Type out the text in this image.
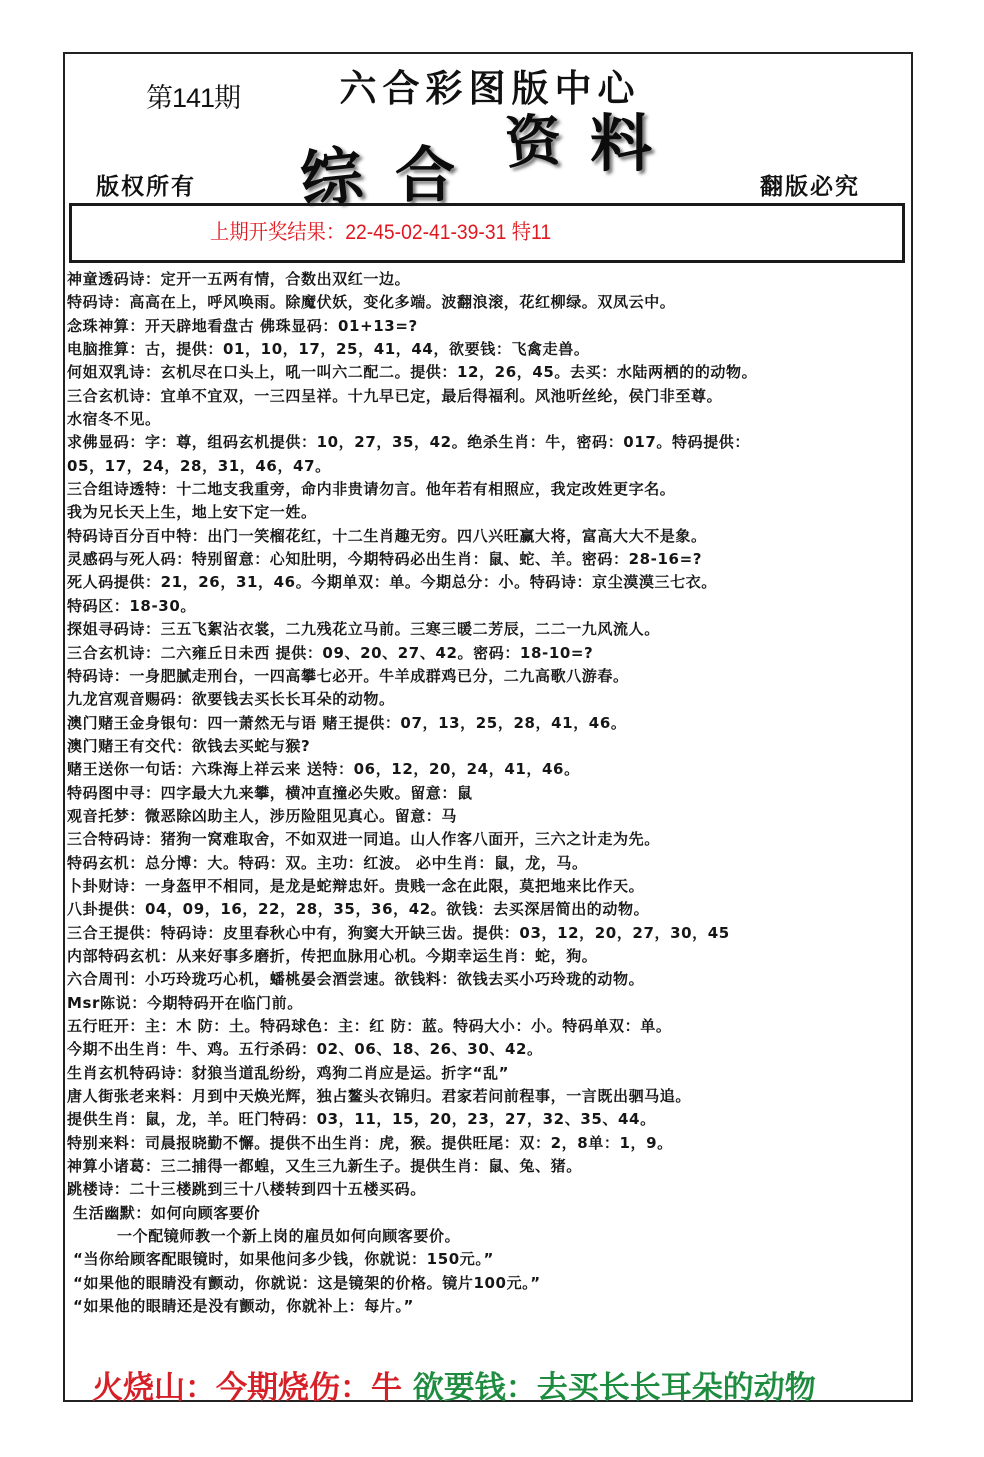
第141期	六合彩图版中心
综 合 资 料
版权所有	翻版必究
上期开奖结果：22-45-02-41-39-31 特11
神童透码诗：定开一五两有情，合数出双红一边。
特码诗：高高在上，呼风唤雨。除魔伏妖，变化多端。波翻浪滚，花红柳绿。双凤云中。
念珠神算：开天辟地看盘古 佛珠显码：01+13=?
电脑推算：古，提供：01，10，17，25，41，44，欲要钱：飞禽走兽。
何姐双乳诗：玄机尽在口头上，吼一叫六二配二。提供：12，26，45。去买：水陆两栖的的动物。
三合玄机诗：宜单不宜双，一三四呈祥。十九早已定，最后得福利。风池听丝纶，侯门非至尊。
水宿冬不见。
求佛显码：字：尊，组码玄机提供：10，27，35，42。绝杀生肖：牛，密码：017。特码提供：
05，17，24，28，31，46，47。
三合组诗透特：十二地支我重旁，命内非贵请勿言。他年若有相照应，我定改姓更字名。
我为兄长天上生，地上安下定一姓。
特码诗百分百中特：出门一笑榴花红，十二生肖趣无穷。四八兴旺赢大将，富高大大不是象。
灵感码与死人码：特别留意：心知肚明，今期特码必出生肖：鼠、蛇、羊。密码：28-16=?
死人码提供：21，26，31，46。今期单双：单。今期总分：小。特码诗：京尘漠漠三七衣。
特码区：18-30。
探姐寻码诗：三五飞絮沾衣裳，二九残花立马前。三寒三暖二芳辰，二二一九风流人。
三合玄机诗：二六雍丘日未西 提供：09、20、27、42。密码：18-10=?
特码诗：一身肥腻走刑台，一四高攀七必开。牛羊成群鸡已分，二九高歌八游春。
九龙宫观音赐码：欲要钱去买长长耳朵的动物。
澳门赌王金身银句：四一萧然无与语 赌王提供：07，13，25，28，41，46。
澳门赌王有交代：欲钱去买蛇与猴?
赌王送你一句话：六珠海上祥云来 送特：06，12，20，24，41，46。
特码图中寻：四字最大九来攀，横冲直撞必失败。留意：鼠
观音托梦：微恶除凶助主人，涉历险阻见真心。留意：马
三合特码诗：猪狗一窝难取舍，不如双进一同追。山人作客八面开，三六之计走为先。
特码玄机：总分博：大。特码：双。主功：红波。 必中生肖：鼠，龙，马。
卜卦财诗：一身盔甲不相同，是龙是蛇辩忠奸。贵贱一念在此限，莫把地来比作天。
八卦提供：04，09，16，22，28，35，36，42。欲钱：去买深居简出的动物。
三合王提供：特码诗：皮里春秋心中有，狗窦大开缺三齿。提供：03，12，20，27，30，45
内部特码玄机：从来好事多磨折，传把血脉用心机。今期幸运生肖：蛇，狗。
六合周刊：小巧玲珑巧心机，蟠桃晏会酒尝速。欲钱料：欲钱去买小巧玲珑的动物。
Msr陈说：今期特码开在临门前。
五行旺开：主：木 防：土。特码球色：主：红 防：蓝。特码大小：小。特码单双：单。
今期不出生肖：牛、鸡。五行杀码：02、06、18、26、30、42。
生肖玄机特码诗：豺狼当道乱纷纷，鸡狗二肖应是运。折字“乱”
唐人街张老来料：月到中天焕光辉，独占鳌头衣锦归。君家若问前程事，一言既出驷马追。
提供生肖：鼠，龙，羊。旺门特码：03，11，15，20，23，27，32、35、44。
特别来料：司晨报晓勤不懈。提供不出生肖：虎，猴。提供旺尾：双：2，8单：1，9。
神算小诸葛：三二捕得一都蝗，又生三九新生子。提供生肖：鼠、兔、猪。
跳楼诗：二十三楼跳到三十八楼转到四十五楼买码。
生活幽默：如何向顾客要价
一个配镜师教一个新上岗的雇员如何向顾客要价。
“当你给顾客配眼镜时，如果他问多少钱，你就说：150元。”
“如果他的眼睛没有颤动，你就说：这是镜架的价格。镜片100元。”
“如果他的眼睛还是没有颤动，你就补上：每片。”
火烧山：今期烧伤：牛 欲要钱：去买长长耳朵的动物
